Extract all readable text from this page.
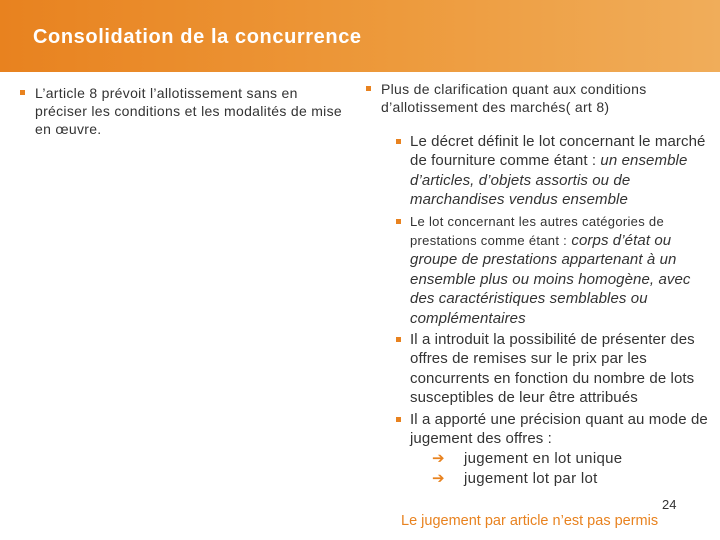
Consolidation de la concurrence
L’article 8 prévoit l’allotissement sans en préciser les conditions et les modalités de mise en œuvre.
Plus de clarification quant aux conditions d’allotissement des marchés( art 8)
Le décret définit le lot concernant le marché de fourniture comme étant : un ensemble d’articles, d’objets assortis ou de marchandises vendus ensemble
Le lot concernant les autres catégories de prestations comme étant : corps d’état ou groupe de prestations appartenant à un ensemble plus ou moins homogène, avec des caractéristiques semblables ou complémentaires
Il a introduit la possibilité de présenter des offres de remises sur le prix par les concurrents en fonction du nombre de lots susceptibles de leur être attribués
Il a apporté une précision quant au mode de jugement des offres :
➔ jugement en lot unique
➔ jugement lot par lot
24
Le jugement par article n’est pas permis
